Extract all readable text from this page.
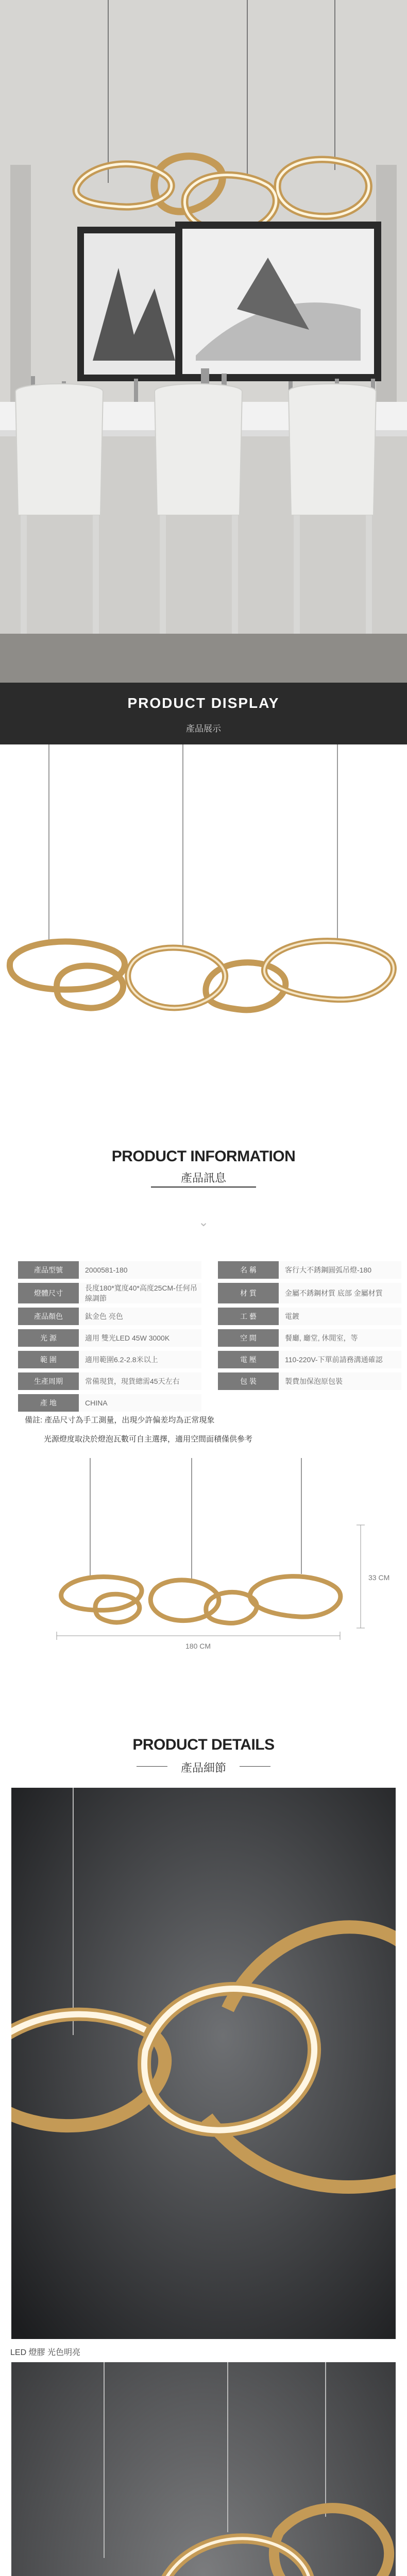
PRODUCT DISPLAY
產品展示
PRODUCT INFORMATION
產品訊息
⌄
產品型號	2000581-180		名 稱	客行大不銹鋼圓弧吊燈-180
燈體尺寸	長度180*寬度40*高度25CM-任何吊線調節		材 質	金屬不銹鋼材質 底部 金屬材質
產品顏色	鈦金色 亮色		工 藝	電鍍
光 源	適用 雙光LED 45W 3000K		空 間	餐廳, 廳堂, 休閒室，等
範 圍	適用範圍6.2-2.8米以上		電 壓	110-220V-下單前請務溝通確認
生產周期	常備現貨，現貨總需45天左右		包 裝	製費加保泡原包裝
產 地	CHINA			
備註: 產品尺寸為手工測量，出現少許偏差均為正常現象
光源燈度取決於燈泡瓦數可自主選擇，適用空間面積僅供參考
33 CM
180 CM
PRODUCT DETAILS
產品細節
LED 燈膠 光色明亮
